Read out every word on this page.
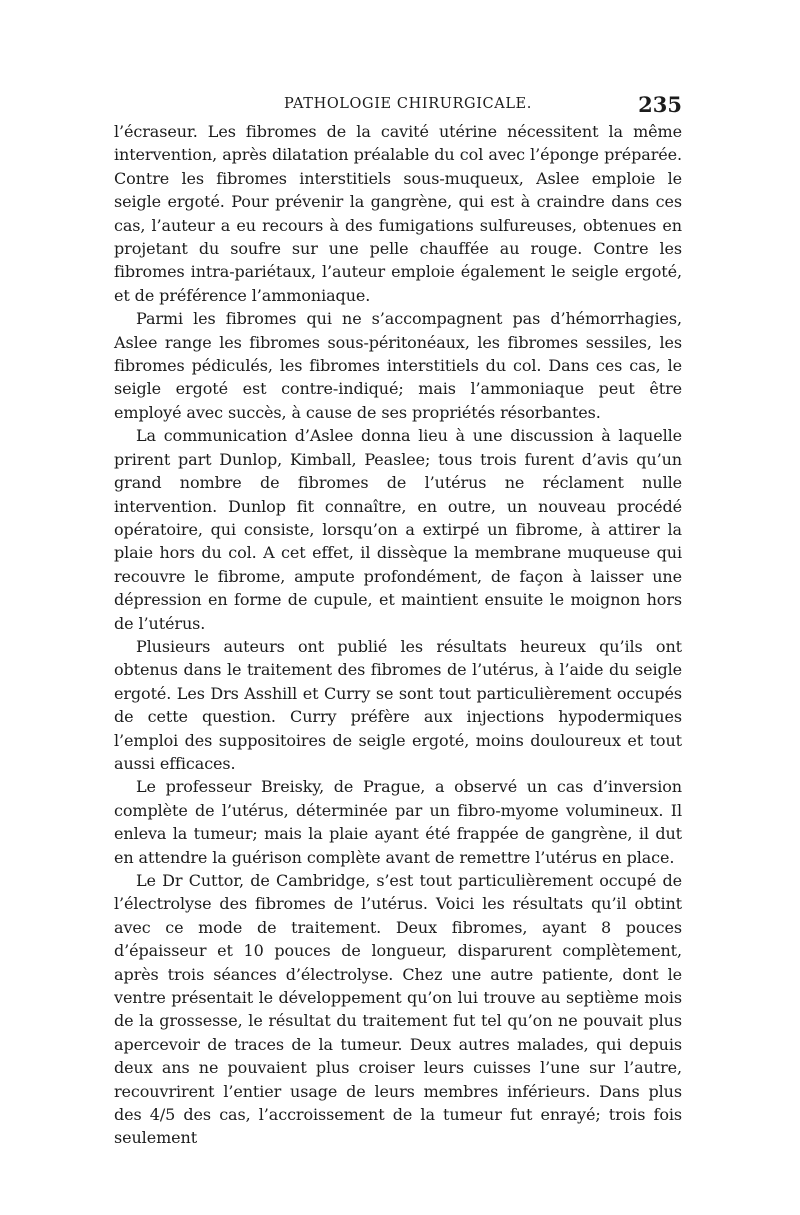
PATHOLOGIE CHIRURGICALE.	235

l’écraseur. Les fibromes de la cavité utérine nécessitent la même intervention, après dilatation préalable du col avec l’éponge préparée. Contre les fibromes interstitiels sous-muqueux, Aslee emploie le seigle ergoté. Pour prévenir la gangrène, qui est à craindre dans ces cas, l’auteur a eu recours à des fumigations sulfureuses, obtenues en projetant du soufre sur une pelle chauffée au rouge. Contre les fibromes intra-pariétaux, l’auteur emploie également le seigle ergoté, et de préférence l’ammoniaque.

Parmi les fibromes qui ne s’accompagnent pas d’hémorrhagies, Aslee range les fibromes sous-péritonéaux, les fibromes sessiles, les fibromes pédiculés, les fibromes interstitiels du col. Dans ces cas, le seigle ergoté est contre-indiqué; mais l’ammoniaque peut être employé avec succès, à cause de ses propriétés résorbantes.

La communication d’Aslee donna lieu à une discussion à laquelle prirent part Dunlop, Kimball, Peaslee; tous trois furent d’avis qu’un grand nombre de fibromes de l’utérus ne réclament nulle intervention. Dunlop fit connaître, en outre, un nouveau procédé opératoire, qui consiste, lorsqu’on a extirpé un fibrome, à attirer la plaie hors du col. A cet effet, il dissèque la membrane muqueuse qui recouvre le fibrome, ampute profondément, de façon à laisser une dépression en forme de cupule, et maintient ensuite le moignon hors de l’utérus.

Plusieurs auteurs ont publié les résultats heureux qu’ils ont obtenus dans le traitement des fibromes de l’utérus, à l’aide du seigle ergoté. Les Drs Asshill et Curry se sont tout particulièrement occupés de cette question. Curry préfère aux injections hypodermiques l’emploi des suppositoires de seigle ergoté, moins douloureux et tout aussi efficaces.

Le professeur Breisky, de Prague, a observé un cas d’inversion complète de l’utérus, déterminée par un fibro-myome volumineux. Il enleva la tumeur; mais la plaie ayant été frappée de gangrène, il dut en attendre la guérison complète avant de remettre l’utérus en place.

Le Dr Cuttor, de Cambridge, s’est tout particulièrement occupé de l’électrolyse des fibromes de l’utérus. Voici les résultats qu’il obtint avec ce mode de traitement. Deux fibromes, ayant 8 pouces d’épaisseur et 10 pouces de longueur, disparurent complètement, après trois séances d’électrolyse. Chez une autre patiente, dont le ventre présentait le développement qu’on lui trouve au septième mois de la grossesse, le résultat du traitement fut tel qu’on ne pouvait plus apercevoir de traces de la tumeur. Deux autres malades, qui depuis deux ans ne pouvaient plus croiser leurs cuisses l’une sur l’autre, recouvrirent l’entier usage de leurs membres inférieurs. Dans plus des 4/5 des cas, l’accroissement de la tumeur fut enrayé; trois fois seulement
